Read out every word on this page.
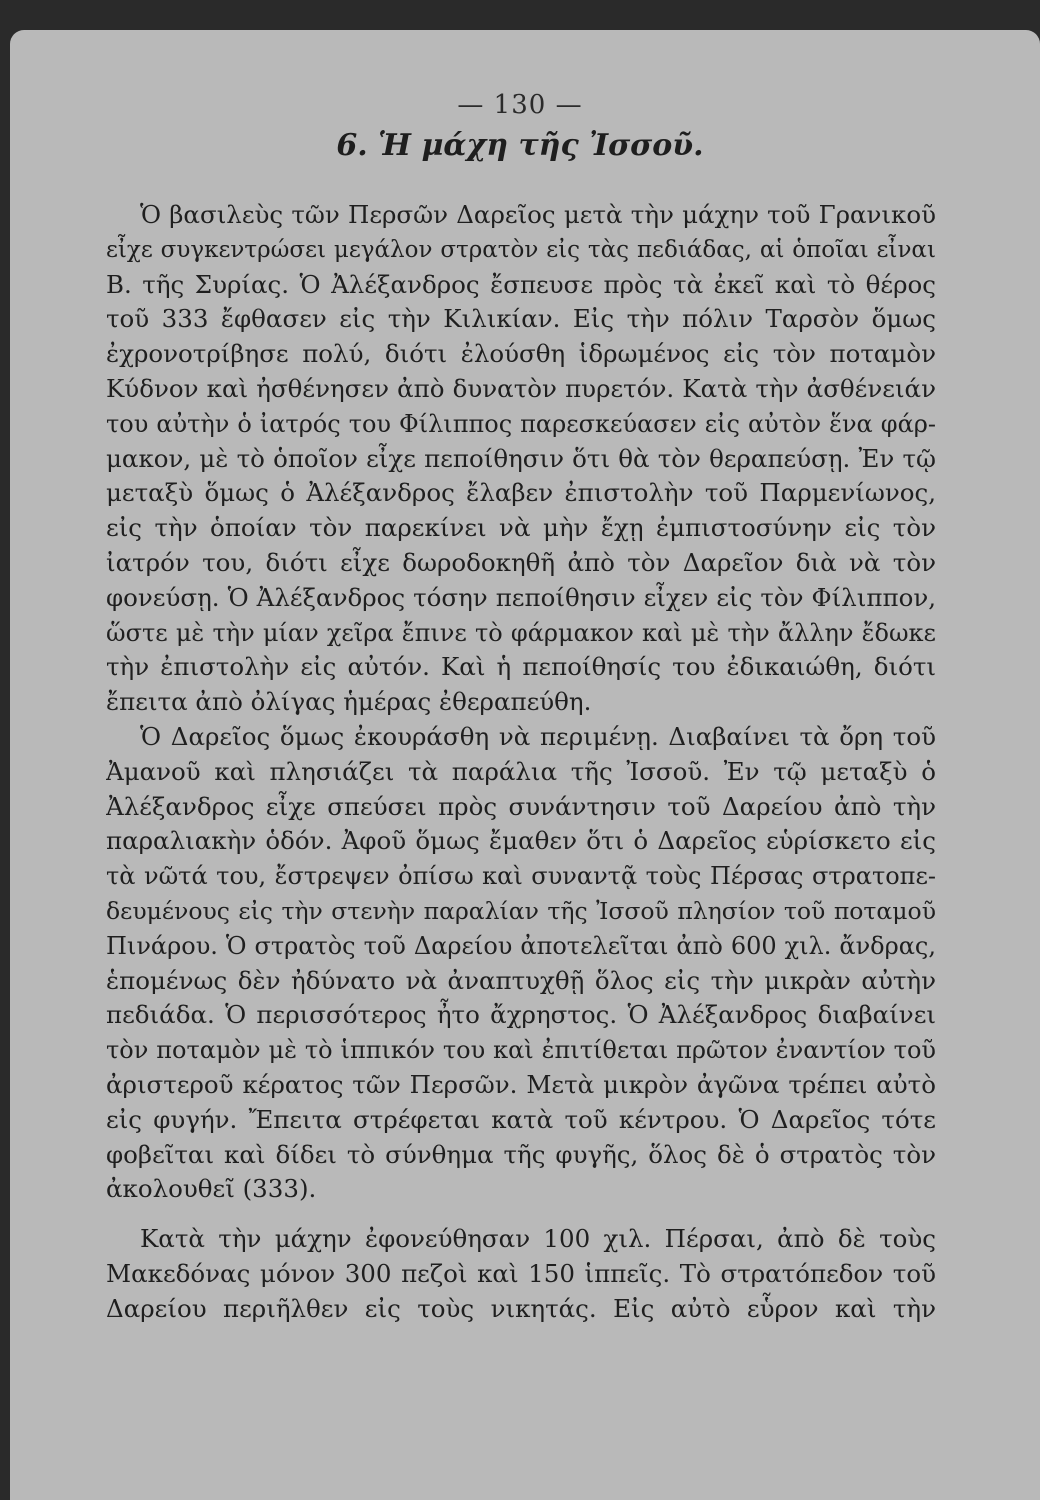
— 130 —
6. Ἡ μάχη τῆς Ἰσσοῦ.
Ὁ βασιλεὺς τῶν Περσῶν Δαρεῖος μετὰ τὴν μάχην τοῦ Γρανικοῦ
εἶχε συγκεντρώσει μεγάλον στρατὸν εἰς τὰς πεδιάδας, αἱ ὁποῖαι εἶναι
Β. τῆς Συρίας. Ὁ Ἀλέξανδρος ἔσπευσε πρὸς τὰ ἐκεῖ καὶ τὸ θέρος
τοῦ 333 ἔφθασεν εἰς τὴν Κιλικίαν. Εἰς τὴν πόλιν Ταρσὸν ὅμως
ἐχρονοτρίβησε πολύ, διότι ἐλούσθη ἱδρωμένος εἰς τὸν ποταμὸν
Κύδνον καὶ ἠσθένησεν ἀπὸ δυνατὸν πυρετόν. Κατὰ τὴν ἀσθένειάν
του αὐτὴν ὁ ἰατρός του Φίλιππος παρεσκεύασεν εἰς αὐτὸν ἕνα φάρ-
μακον, μὲ τὸ ὁποῖον εἶχε πεποίθησιν ὅτι θὰ τὸν θεραπεύσῃ. Ἐν τῷ
μεταξὺ ὅμως ὁ Ἀλέξανδρος ἔλαβεν ἐπιστολὴν τοῦ Παρμενίωνος,
εἰς τὴν ὁποίαν τὸν παρεκίνει νὰ μὴν ἔχῃ ἐμπιστοσύνην εἰς τὸν
ἰατρόν του, διότι εἶχε δωροδοκηθῆ ἀπὸ τὸν Δαρεῖον διὰ νὰ τὸν
φονεύσῃ. Ὁ Ἀλέξανδρος τόσην πεποίθησιν εἶχεν εἰς τὸν Φίλιππον,
ὥστε μὲ τὴν μίαν χεῖρα ἔπινε τὸ φάρμακον καὶ μὲ τὴν ἄλλην ἔδωκε
τὴν ἐπιστολὴν εἰς αὐτόν. Καὶ ἡ πεποίθησίς του ἐδικαιώθη, διότι
ἔπειτα ἀπὸ ὀλίγας ἡμέρας ἐθεραπεύθη.
Ὁ Δαρεῖος ὅμως ἐκουράσθη νὰ περιμένῃ. Διαβαίνει τὰ ὄρη τοῦ
Ἀμανοῦ καὶ πλησιάζει τὰ παράλια τῆς Ἰσσοῦ. Ἐν τῷ μεταξὺ ὁ
Ἀλέξανδρος εἶχε σπεύσει πρὸς συνάντησιν τοῦ Δαρείου ἀπὸ τὴν
παραλιακὴν ὁδόν. Ἀφοῦ ὅμως ἔμαθεν ὅτι ὁ Δαρεῖος εὑρίσκετο εἰς
τὰ νῶτά του, ἔστρεψεν ὀπίσω καὶ συναντᾷ τοὺς Πέρσας στρατοπε-
δευμένους εἰς τὴν στενὴν παραλίαν τῆς Ἰσσοῦ πλησίον τοῦ ποταμοῦ
Πινάρου. Ὁ στρατὸς τοῦ Δαρείου ἀποτελεῖται ἀπὸ 600 χιλ. ἄνδρας,
ἑπομένως δὲν ἠδύνατο νὰ ἀναπτυχθῇ ὅλος εἰς τὴν μικρὰν αὐτὴν
πεδιάδα. Ὁ περισσότερος ἦτο ἄχρηστος. Ὁ Ἀλέξανδρος διαβαίνει
τὸν ποταμὸν μὲ τὸ ἱππικόν του καὶ ἐπιτίθεται πρῶτον ἐναντίον τοῦ
ἀριστεροῦ κέρατος τῶν Περσῶν. Μετὰ μικρὸν ἀγῶνα τρέπει αὐτὸ
εἰς φυγήν. Ἔπειτα στρέφεται κατὰ τοῦ κέντρου. Ὁ Δαρεῖος τότε
φοβεῖται καὶ δίδει τὸ σύνθημα τῆς φυγῆς, ὅλος δὲ ὁ στρατὸς τὸν
ἀκολουθεῖ (333).
Κατὰ τὴν μάχην ἐφονεύθησαν 100 χιλ. Πέρσαι, ἀπὸ δὲ τοὺς
Μακεδόνας μόνον 300 πεζοὶ καὶ 150 ἱππεῖς. Τὸ στρατόπεδον τοῦ
Δαρείου περιῆλθεν εἰς τοὺς νικητάς. Εἰς αὐτὸ εὗρον καὶ τὴν
